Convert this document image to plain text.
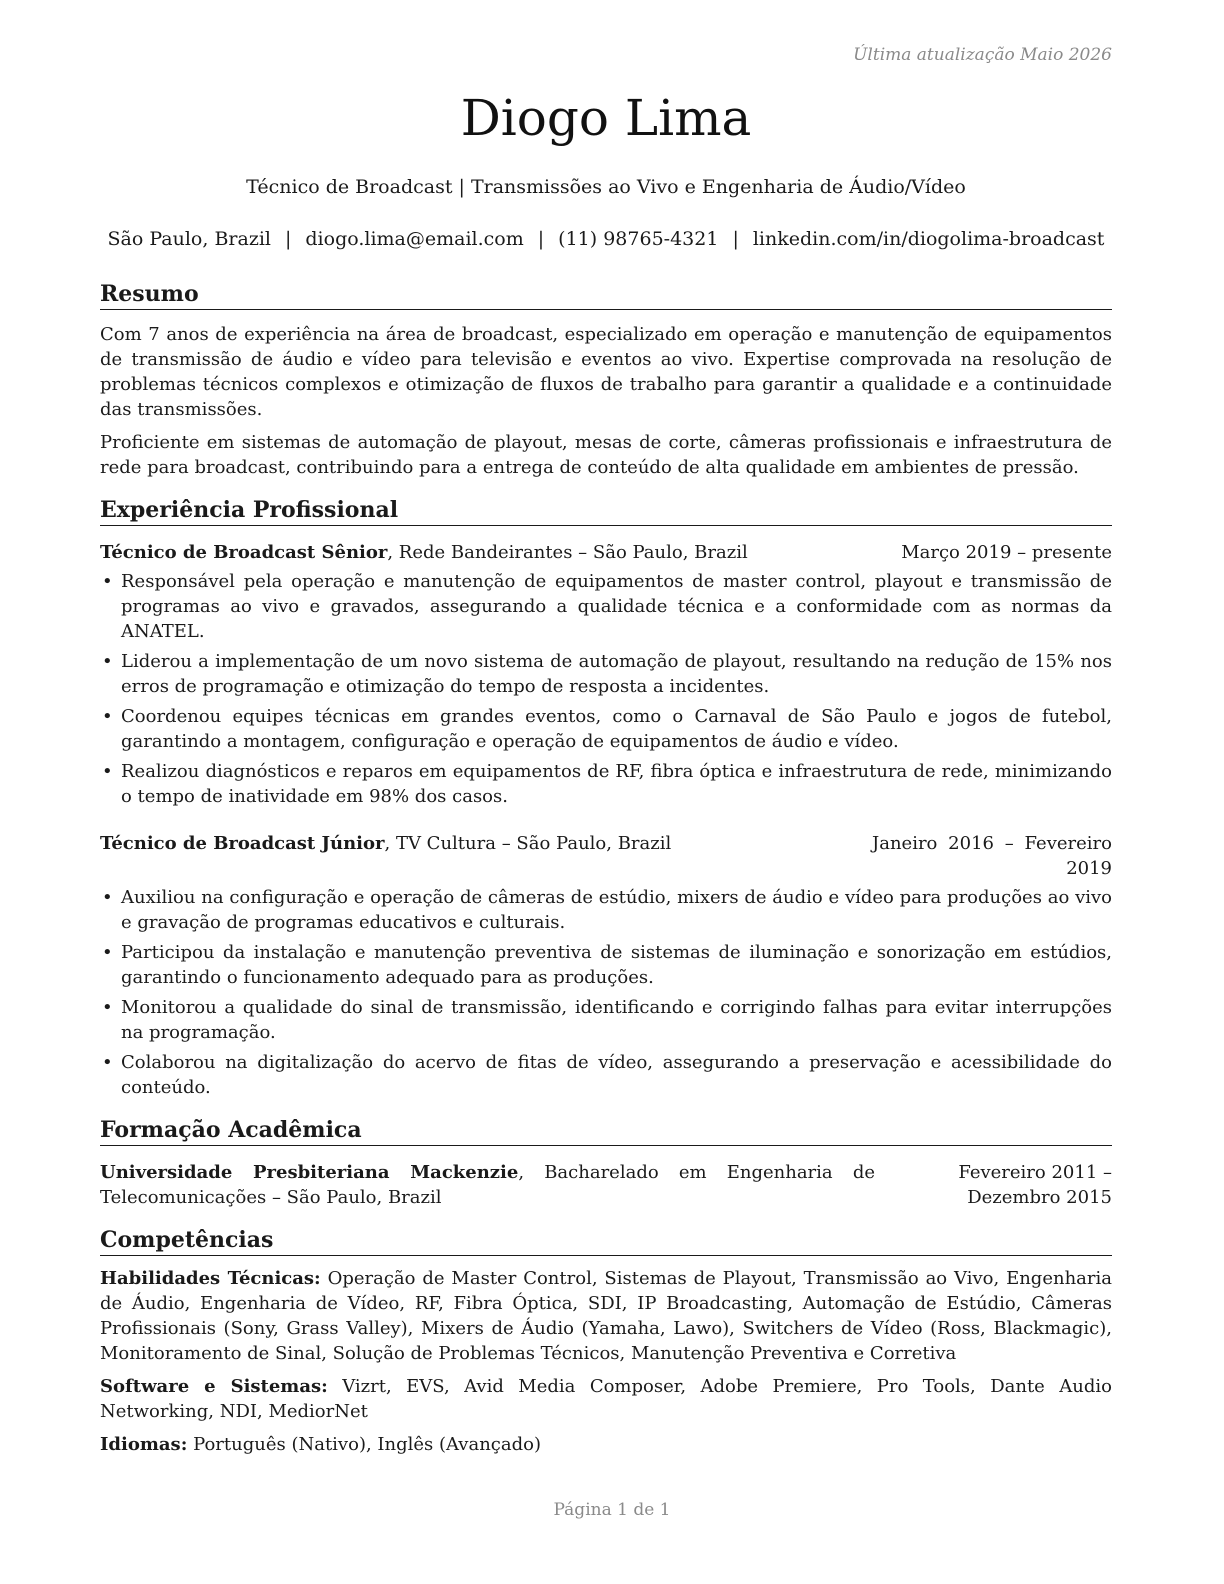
Última atualização Maio 2026

Diogo Lima

Técnico de Broadcast | Transmissões ao Vivo e Engenharia de Áudio/Vídeo

São Paulo, Brazil | diogo.lima@email.com | (11) 98765-4321 | linkedin.com/in/diogolima-broadcast
Resumo

Com 7 anos de experiência na área de broadcast, especializado em operação e manutenção de equipamentos de transmissão de áudio e vídeo para televisão e eventos ao vivo. Expertise comprovada na resolução de problemas técnicos complexos e otimização de fluxos de trabalho para garantir a qualidade e a continuidade das transmissões.

Proficiente em sistemas de automação de playout, mesas de corte, câmeras profissionais e infraestrutura de rede para broadcast, contribuindo para a entrega de conteúdo de alta qualidade em ambientes de pressão.

Experiência Profissional
Técnico de Broadcast Sênior, Rede Bandeirantes – São Paulo, Brazil	Março 2019 – presente
• Responsável pela operação e manutenção de equipamentos de master control, playout e transmissão de programas ao vivo e gravados, assegurando a qualidade técnica e a conformidade com as normas da ANATEL.
• Liderou a implementação de um novo sistema de automação de playout, resultando na redução de 15% nos erros de programação e otimização do tempo de resposta a incidentes.
• Coordenou equipes técnicas em grandes eventos, como o Carnaval de São Paulo e jogos de futebol, garantindo a montagem, configuração e operação de equipamentos de áudio e vídeo.
• Realizou diagnósticos e reparos em equipamentos de RF, fibra óptica e infraestrutura de rede, minimizando o tempo de inatividade em 98% dos casos.
Técnico de Broadcast Júnior, TV Cultura – São Paulo, Brazil	Janeiro 2016 – Fevereiro 2019
• Auxiliou na configuração e operação de câmeras de estúdio, mixers de áudio e vídeo para produções ao vivo e gravação de programas educativos e culturais.
• Participou da instalação e manutenção preventiva de sistemas de iluminação e sonorização em estúdios, garantindo o funcionamento adequado para as produções.
• Monitorou a qualidade do sinal de transmissão, identificando e corrigindo falhas para evitar interrupções na programação.
• Colaborou na digitalização do acervo de fitas de vídeo, assegurando a preservação e acessibilidade do conteúdo.
Formação Acadêmica
Universidade Presbiteriana Mackenzie, Bacharelado em Engenharia de Telecomunicações – São Paulo, Brazil
Fevereiro 2011 – Dezembro 2015
Competências

Habilidades Técnicas: Operação de Master Control, Sistemas de Playout, Transmissão ao Vivo, Engenharia de Áudio, Engenharia de Vídeo, RF, Fibra Óptica, SDI, IP Broadcasting, Automação de Estúdio, Câmeras Profissionais (Sony, Grass Valley), Mixers de Áudio (Yamaha, Lawo), Switchers de Vídeo (Ross, Blackmagic), Monitoramento de Sinal, Solução de Problemas Técnicos, Manutenção Preventiva e Corretiva

Software e Sistemas: Vizrt, EVS, Avid Media Composer, Adobe Premiere, Pro Tools, Dante Audio Networking, NDI, MediorNet

Idiomas: Português (Nativo), Inglês (Avançado)

Página 1 de 1
